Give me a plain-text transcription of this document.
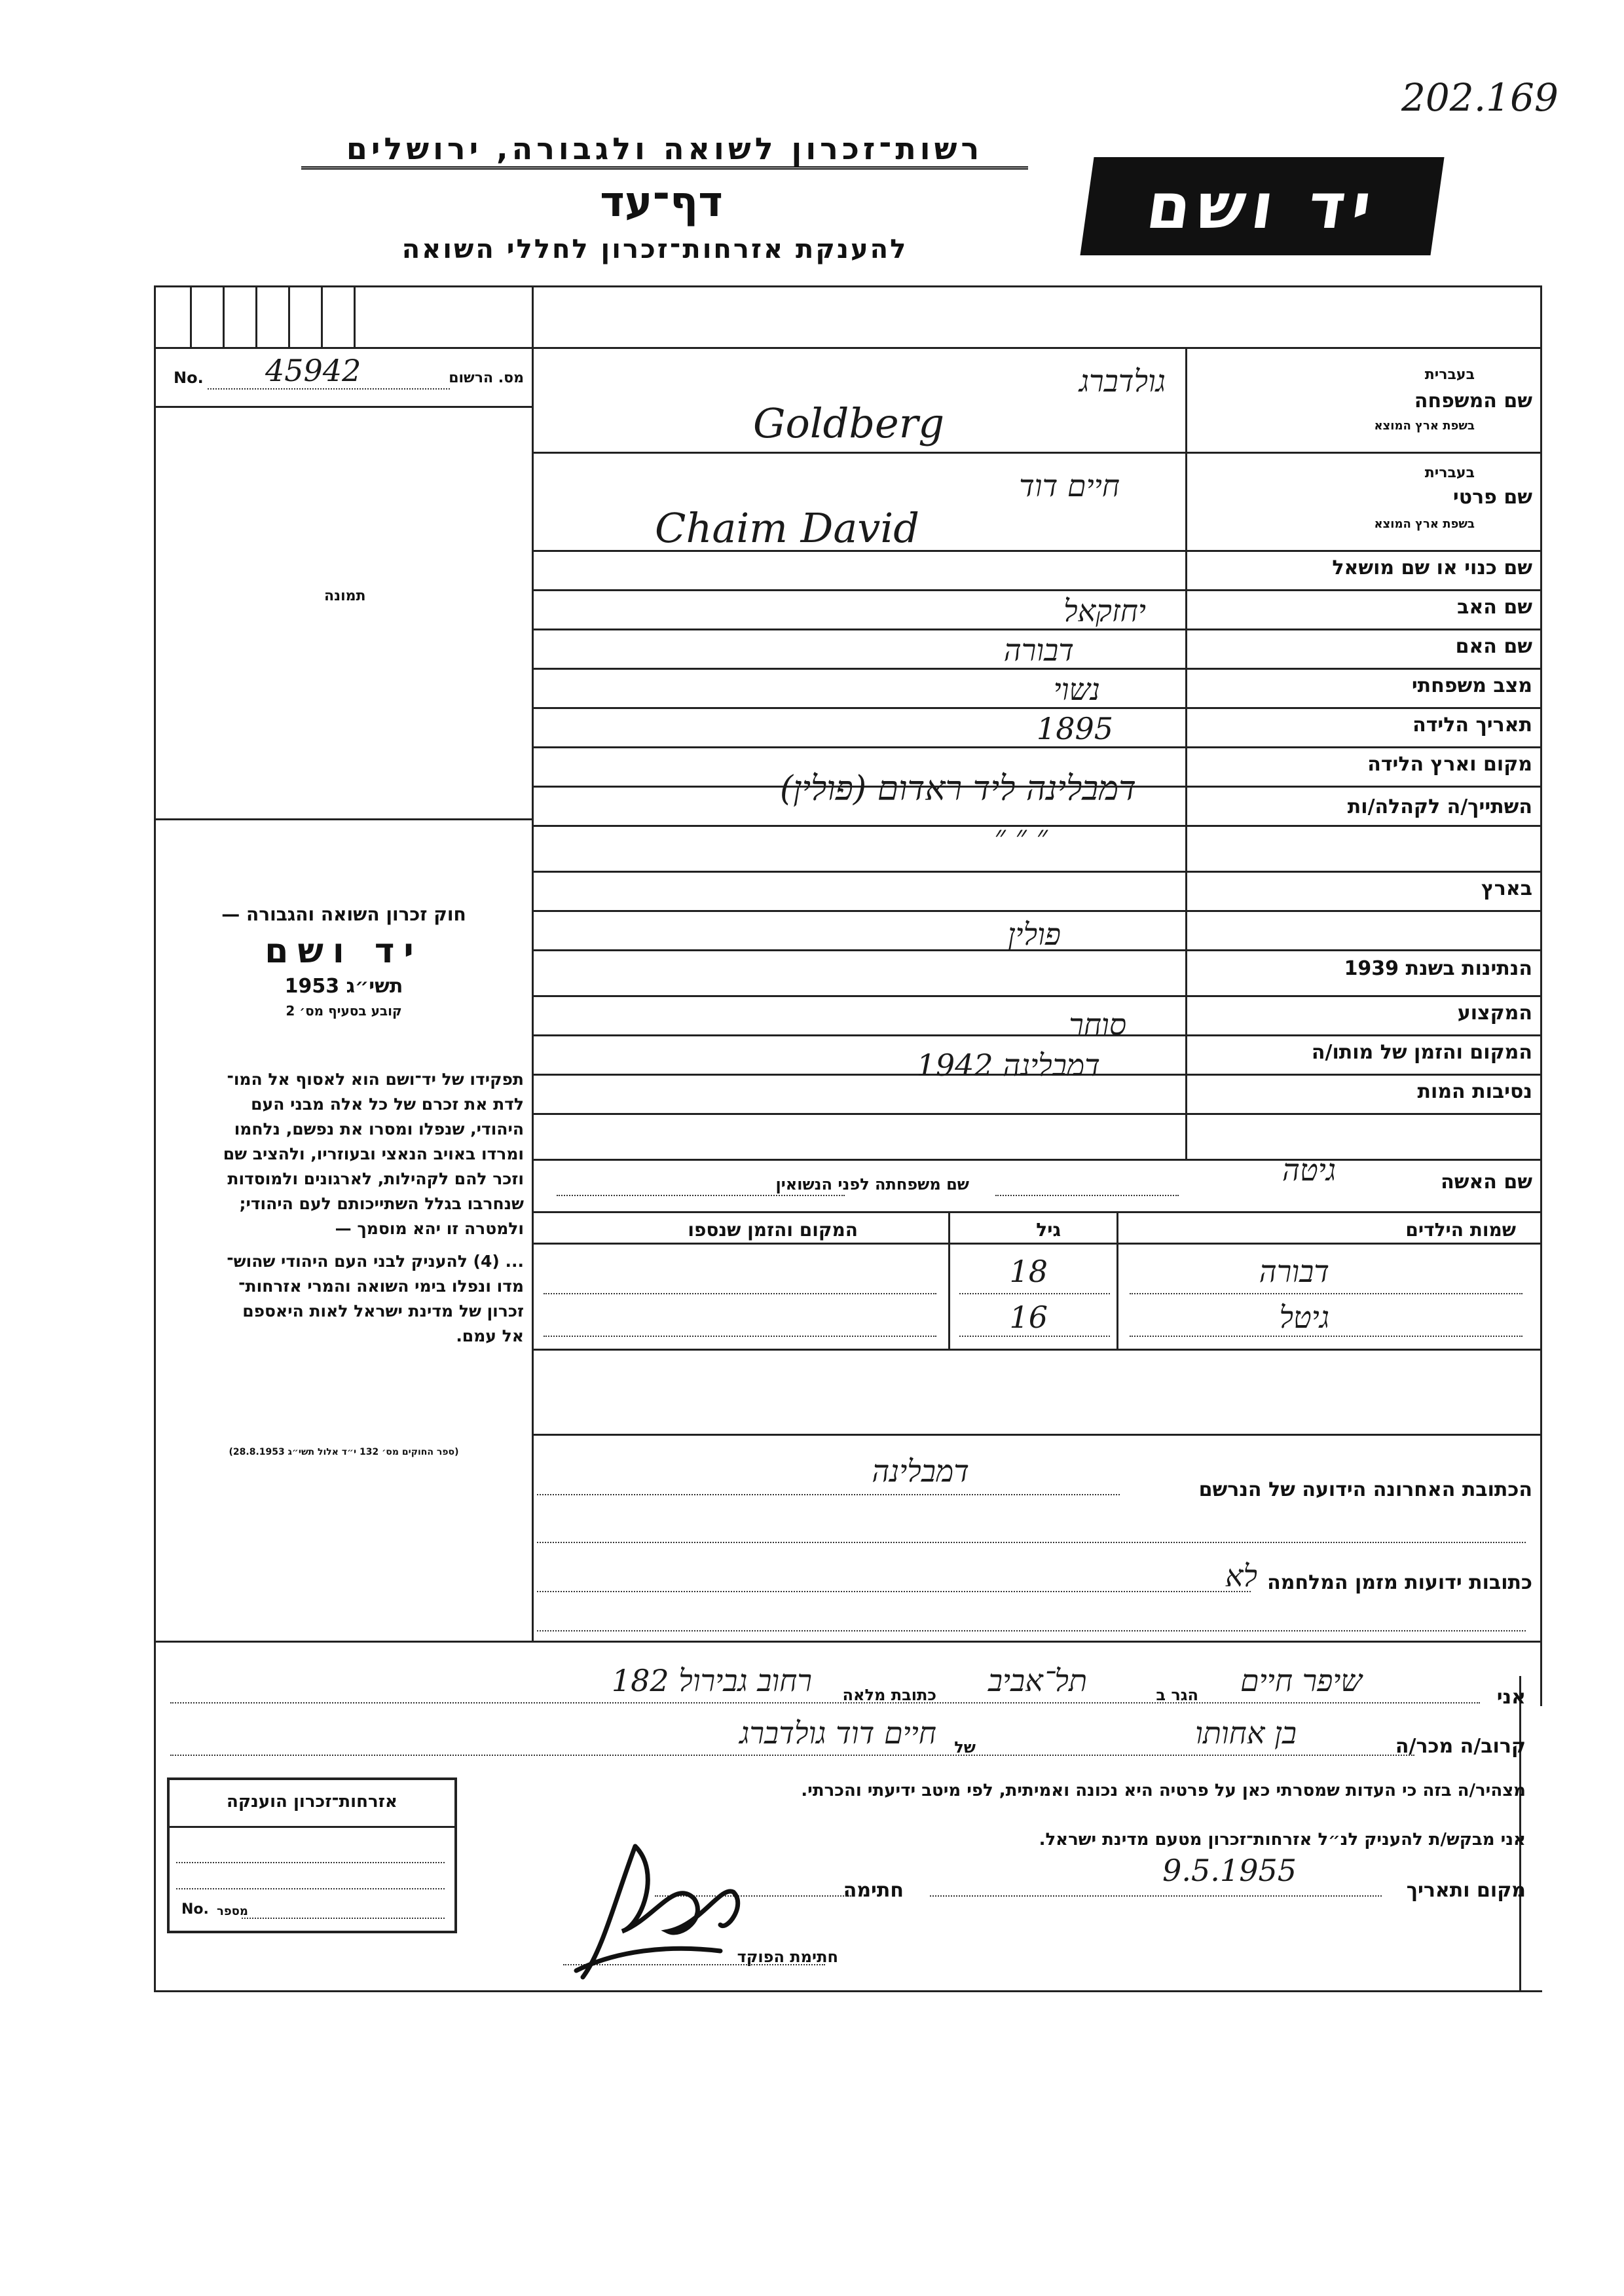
202.169
רשות־זכרון לשואה ולגבורה, ירושלים
דף־עד
להענקת אזרחות־זכרון לחללי השואה
יד ושם
מס. הרשום
No. 45942
תמונה
שם המשפחה
בעברית
בשפת ארץ המוצא
גולדברג
Goldberg
שם פרטי
בעברית
בשפת ארץ המוצא
חיים דוד
Chaim David
שם כנוי או שם מושאל
שם האב
יחזקאל
שם האם
דבורה
מצב משפחתי
נשוי
תאריך הלידה
1895
מקום וארץ הלידה
דמבלינה ליד ראדום (פולין)	השתייך/ה לקהלה/ות
״ ״ ״
בארץ
פולין
הנתינות בשנת 1939
המקצוע
סוחר
המקום והזמן של מותו/ה
דמבלינה 1942
נסיבות המות
שם האשה
גיטה
שם משפחתה לפני הנשואין
שמות הילדים
גיל
המקום והזמן שנספו
דבורה
18
גיטל
16
הכתובת האחרונה הידועה של הנרשם
דמבלינה
כתובות ידועות מזמן המלחמה
לא
חוק זכרון השואה והגבורה —
יד ושם
תשי״ג 1953
קובע בסעיף מס׳ 2

תפקידו של יד־ושם הוא לאסוף אל המו־

לדת את זכרם של כל אלה מבני העם

היהודי, שנפלו ומסרו את נפשם, נלחמו

ומרדו באויב הנאצי ובעוזריו, ולהציב שם

וזכר להם לקהילות, לארגונים ולמוסדות

שנחרבו בגלל השתייכותם לעם היהודי;

ולמטרה זו יהא מוסמך —

... (4) להעניק לבני העם היהודי שהוש־

מדו ונפלו בימי השואה והמרי אזרחות־

זכרון של מדינת ישראל לאות היאספם

אל עמם.

(ספר החוקים מס׳ 132 י״ד אלול תשי״ג 28.8.1953)
אני
שיפר חיים
הגר ב
תל־אביב
כתובת מלאה
רחוב גבירול 182
קרוב/ה מכר/ה
בן אחותו
של
חיים דוד גולדברג
מצהיר/ה בזה כי העדות שמסרתי כאן על פרטיה היא נכונה ואמיתית, לפי מיטב ידיעתי והכרתי.
אני מבקש/ת להעניק לנ״ל אזרחות־זכרון מטעם מדינת ישראל.
מקום ותאריך
9.5.1955
חתימה
חתימת הפוקד
אזרחות־זכרון הוענקה
No. מספר
